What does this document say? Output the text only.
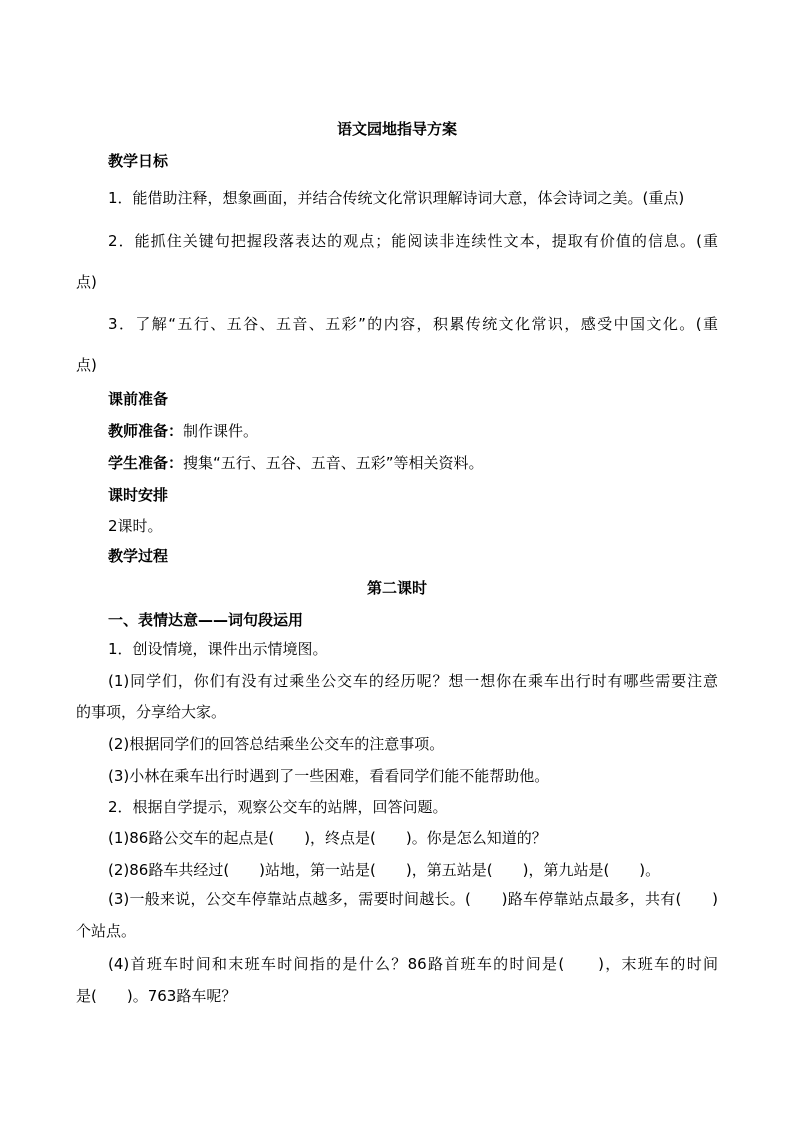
语文园地指导方案

教学日标

1．能借助注释，想象画面，并结合传统文化常识理解诗词大意，体会诗词之美。(重点)

2．能抓住关键句把握段落表达的观点；能阅读非连续性文本，提取有价值的信息。(重

点)

3．了解“五行、五谷、五音、五彩”的内容，积累传统文化常识，感受中国文化。(重

点)

课前准备

教师准备：制作课件。

学生准备：搜集“五行、五谷、五音、五彩”等相关资料。

课时安排

2课时。

教学过程

第二课时

一、表情达意——词句段运用

1．创设情境，课件出示情境图。

(1)同学们，你们有没有过乘坐公交车的经历呢？想一想你在乘车出行时有哪些需要注意

的事项，分享给大家。

(2)根据同学们的回答总结乘坐公交车的注意事项。

(3)小林在乘车出行时遇到了一些困难，看看同学们能不能帮助他。

2．根据自学提示，观察公交车的站牌，回答问题。

(1)86路公交车的起点是(　　)，终点是(　　)。你是怎么知道的？

(2)86路车共经过(　　)站地，第一站是(　　)，第五站是(　　)，第九站是(　　)。

(3)一般来说，公交车停靠站点越多，需要时间越长。(　　)路车停靠站点最多，共有(　　)

个站点。

(4)首班车时间和末班车时间指的是什么？86路首班车的时间是(　　)，末班车的时间

是(　　)。763路车呢？
